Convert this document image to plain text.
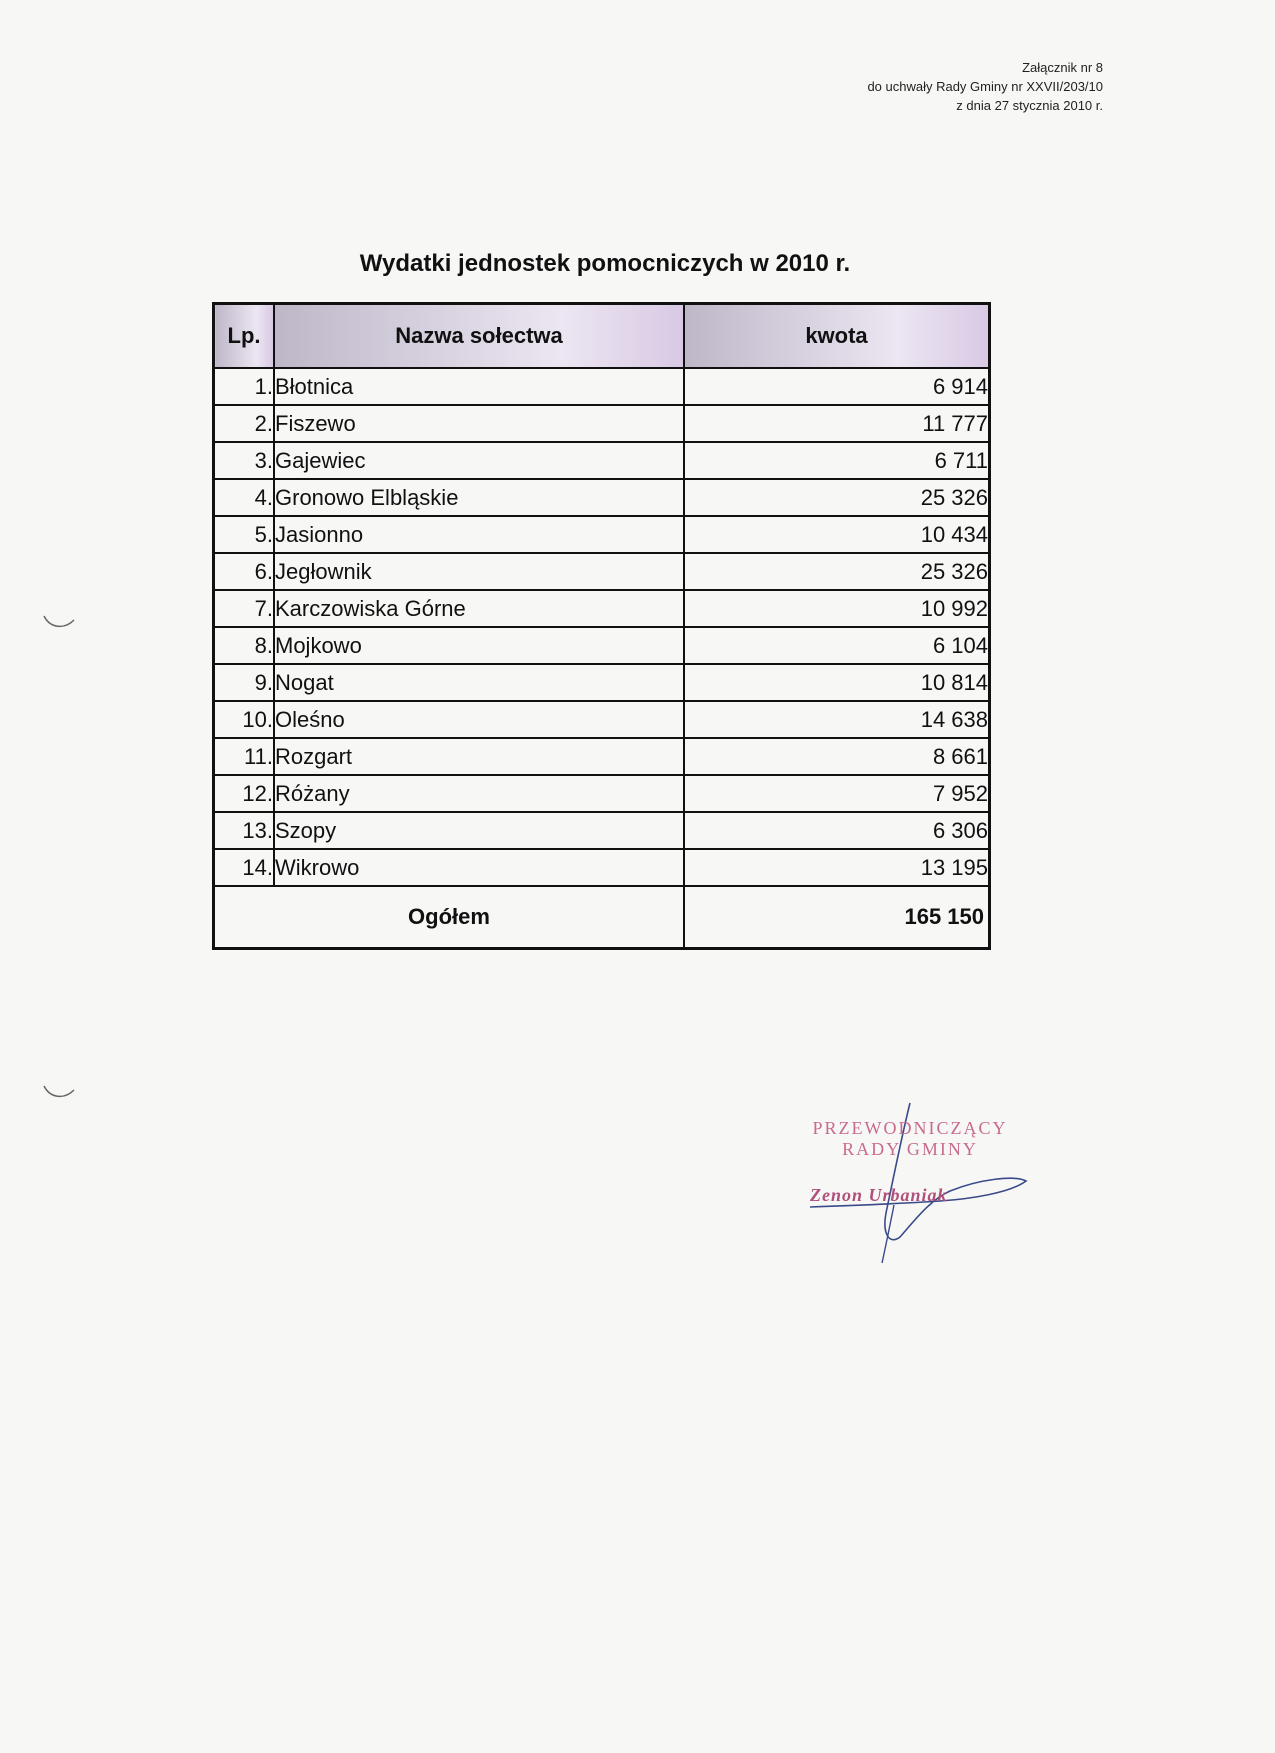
Załącznik nr 8
do uchwały Rady Gminy nr XXVII/203/10
z dnia 27 stycznia 2010 r.
Wydatki jednostek pomocniczych w 2010 r.
Lp.	Nazwa sołectwa	kwota
1.	Błotnica	6 914
2.	Fiszewo	11 777
3.	Gajewiec	6 711
4.	Gronowo Elbląskie	25 326
5.	Jasionno	10 434
6.	Jegłownik	25 326
7.	Karczowiska Górne	10 992
8.	Mojkowo	6 104
9.	Nogat	10 814
10.	Oleśno	14 638
11.	Rozgart	8 661
12.	Różany	7 952
13.	Szopy	6 306
14.	Wikrowo	13 195
Ogółem		165 150
PRZEWODNICZĄCY
RADY GMINY
Zenon Urbaniak
